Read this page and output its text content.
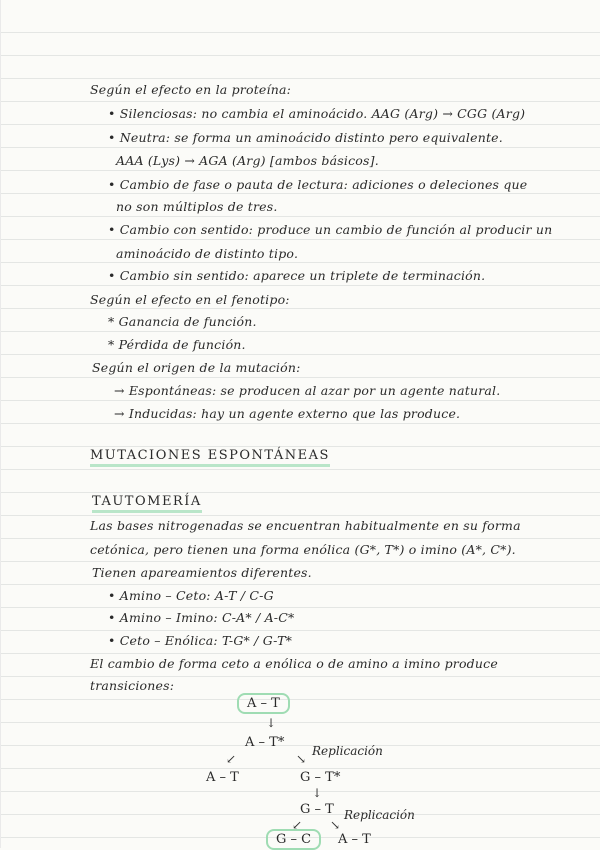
Según el efecto en la proteína:
• Silenciosas: no cambia el aminoácido. AAG (Arg) → CGG (Arg)
• Neutra: se forma un aminoácido distinto pero equivalente.
AAA (Lys) → AGA (Arg) [ambos básicos].
• Cambio de fase o pauta de lectura: adiciones o deleciones que
no son múltiplos de tres.
• Cambio con sentido: produce un cambio de función al producir un
aminoácido de distinto tipo.
• Cambio sin sentido: aparece un triplete de terminación.
Según el efecto en el fenotipo:
* Ganancia de función.
* Pérdida de función.
Según el origen de la mutación:
→ Espontáneas: se producen al azar por un agente natural.
→ Inducidas: hay un agente externo que las produce.
MUTACIONES ESPONTÁNEAS
TAUTOMERÍA
Las bases nitrogenadas se encuentran habitualmente en su forma
cetónica, pero tienen una forma enólica (G*, T*) o imino (A*, C*).
Tienen apareamientos diferentes.
• Amino – Ceto: A-T / C-G
• Amino – Imino: C-A* / A-C*
• Ceto – Enólica: T-G* / G-T*
El cambio de forma ceto a enólica o de amino a imino produce
transiciones:
A – T
↓
A – T*
↙	↘
Replicación
A – T	G – T*
↓
G – T
↙ ↘
Replicación
G – C	A – T
